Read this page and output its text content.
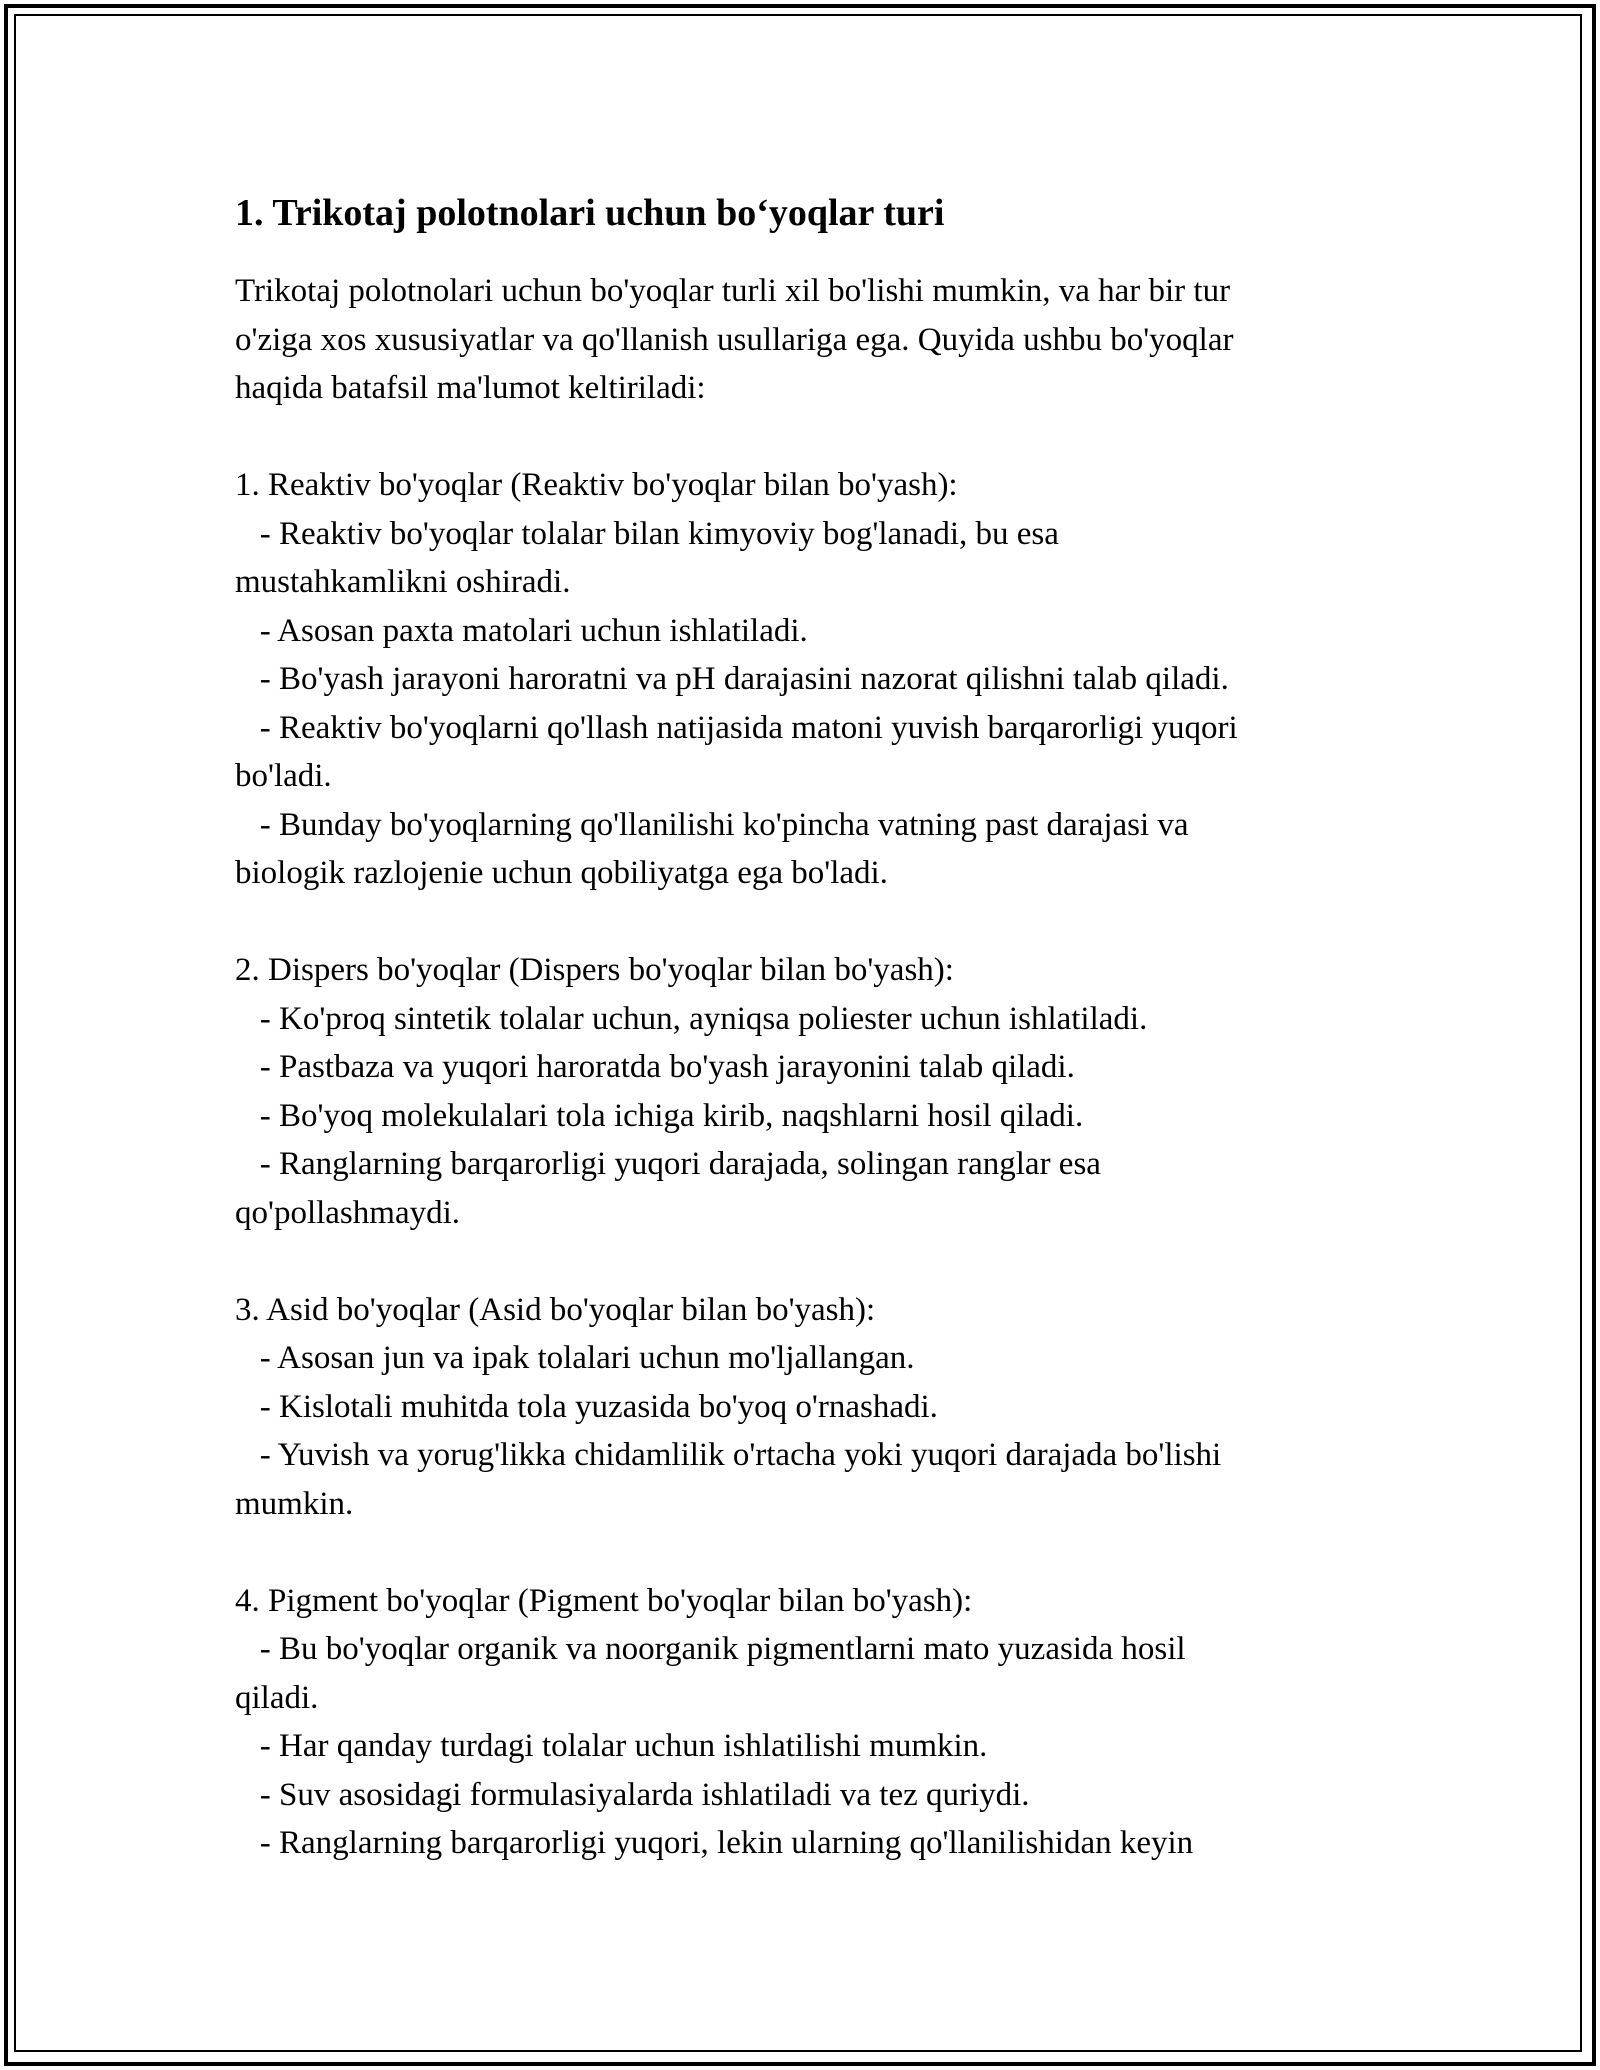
1. Trikotaj polotnolari uchun bo‘yoqlar turi

Trikotaj polotnolari uchun bo'yoqlar turli xil bo'lishi mumkin, va har bir tur

o'ziga xos xususiyatlar va qo'llanish usullariga ega. Quyida ushbu bo'yoqlar

haqida batafsil ma'lumot keltiriladi:

1. Reaktiv bo'yoqlar (Reaktiv bo'yoqlar bilan bo'yash):

- Reaktiv bo'yoqlar tolalar bilan kimyoviy bog'lanadi, bu esa

mustahkamlikni oshiradi.

- Asosan paxta matolari uchun ishlatiladi.

- Bo'yash jarayoni haroratni va pH darajasini nazorat qilishni talab qiladi.

- Reaktiv bo'yoqlarni qo'llash natijasida matoni yuvish barqarorligi yuqori

bo'ladi.

- Bunday bo'yoqlarning qo'llanilishi ko'pincha vatning past darajasi va

biologik razlojenie uchun qobiliyatga ega bo'ladi.

2. Dispers bo'yoqlar (Dispers bo'yoqlar bilan bo'yash):

- Ko'proq sintetik tolalar uchun, ayniqsa poliester uchun ishlatiladi.

- Pastbaza va yuqori haroratda bo'yash jarayonini talab qiladi.

- Bo'yoq molekulalari tola ichiga kirib, naqshlarni hosil qiladi.

- Ranglarning barqarorligi yuqori darajada, solingan ranglar esa

qo'pollashmaydi.

3. Asid bo'yoqlar (Asid bo'yoqlar bilan bo'yash):

- Asosan jun va ipak tolalari uchun mo'ljallangan.

- Kislotali muhitda tola yuzasida bo'yoq o'rnashadi.

- Yuvish va yorug'likka chidamlilik o'rtacha yoki yuqori darajada bo'lishi

mumkin.

4. Pigment bo'yoqlar (Pigment bo'yoqlar bilan bo'yash):

- Bu bo'yoqlar organik va noorganik pigmentlarni mato yuzasida hosil

qiladi.

- Har qanday turdagi tolalar uchun ishlatilishi mumkin.

- Suv asosidagi formulasiyalarda ishlatiladi va tez quriydi.

- Ranglarning barqarorligi yuqori, lekin ularning qo'llanilishidan keyin
